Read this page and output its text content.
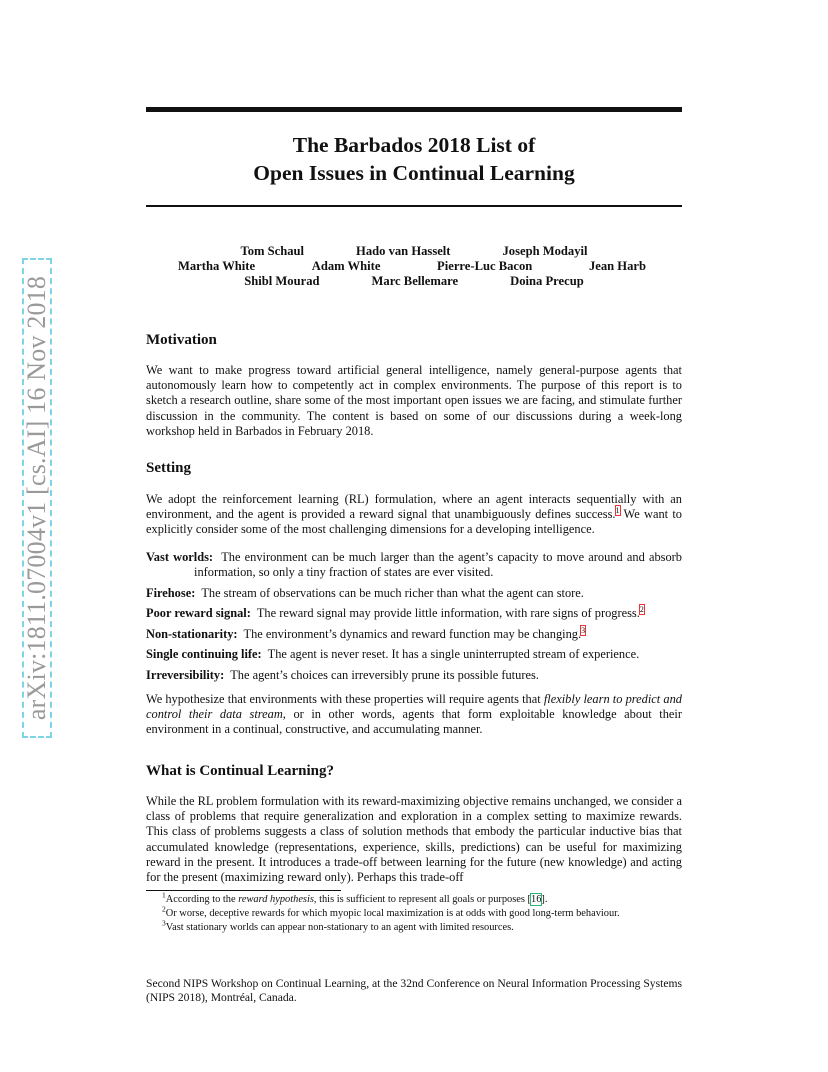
arXiv:1811.07004v1 [cs.AI] 16 Nov 2018
The Barbados 2018 List of
Open Issues in Continual Learning
Tom Schaul	Hado van Hasselt	Joseph Modayil
Martha White	Adam White	Pierre-Luc Bacon	Jean Harb
Shibl Mourad	Marc Bellemare	Doina Precup
Motivation

We want to make progress toward artificial general intelligence, namely general-purpose agents that autonomously learn how to competently act in complex environments. The purpose of this report is to sketch a research outline, share some of the most important open issues we are facing, and stimulate further discussion in the community. The content is based on some of our discussions during a week-long workshop held in Barbados in February 2018.

Setting

We adopt the reinforcement learning (RL) formulation, where an agent interacts sequentially with an environment, and the agent is provided a reward signal that unambiguously defines success.$^1$ We want to explicitly consider some of the most challenging dimensions for a developing intelligence.

Vast worlds: The environment can be much larger than the agent’s capacity to move around and absorb information, so only a tiny fraction of states are ever visited.
Firehose: The stream of observations can be much richer than what the agent can store.
Poor reward signal: The reward signal may provide little information, with rare signs of progress.$^2$
Non-stationarity: The environment’s dynamics and reward function may be changing.$^3$
Single continuing life: The agent is never reset. It has a single uninterrupted stream of experience.
Irreversibility: The agent’s choices can irreversibly prune its possible futures.

We hypothesize that environments with these properties will require agents that flexibly learn to predict and control their data stream, or in other words, agents that form exploitable knowledge about their environment in a continual, constructive, and accumulating manner.

What is Continual Learning?

While the RL problem formulation with its reward-maximizing objective remains unchanged, we consider a class of problems that require generalization and exploration in a complex setting to maximize rewards. This class of problems suggests a class of solution methods that embody the particular inductive bias that accumulated knowledge (representations, experience, skills, predictions) can be useful for maximizing reward in the present. It introduces a trade-off between learning for the future (new knowledge) and acting for the present (maximizing reward only). Perhaps this trade-off

$^1$According to the reward hypothesis, this is sufficient to represent all goals or purposes [16].
$^2$Or worse, deceptive rewards for which myopic local maximization is at odds with good long-term behaviour.
$^3$Vast stationary worlds can appear non-stationary to an agent with limited resources.
Second NIPS Workshop on Continual Learning, at the 32nd Conference on Neural Information Processing Systems (NIPS 2018), Montréal, Canada.
